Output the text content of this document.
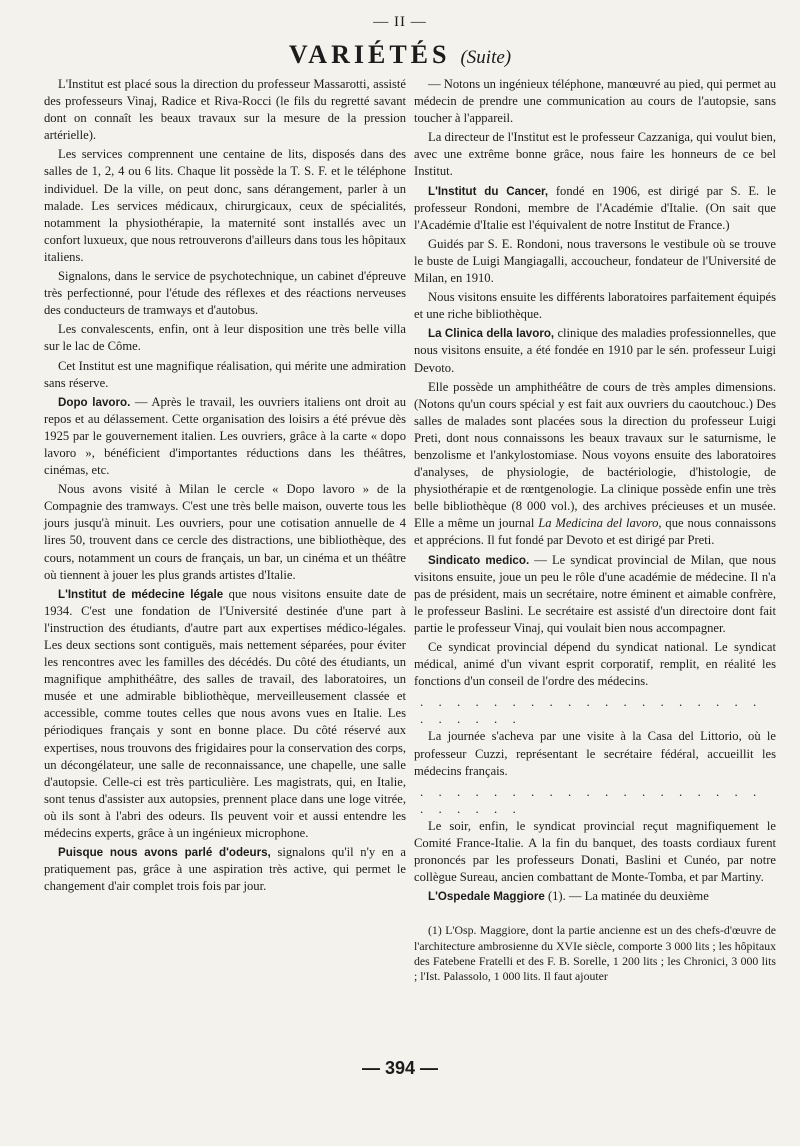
— II —
VARIÉTÉS (Suite)

L'Institut est placé sous la direction du professeur Massarotti, assisté des professeurs Vinaj, Radice et Riva-Rocci (le fils du regretté savant dont on connaît les beaux travaux sur la mesure de la pression artérielle).

Les services comprennent une centaine de lits, disposés dans des salles de 1, 2, 4 ou 6 lits. Chaque lit possède la T. S. F. et le téléphone individuel. De la ville, on peut donc, sans dérangement, parler à un malade. Les services médicaux, chirurgicaux, ceux de spécialités, notamment la physiothérapie, la maternité sont installés avec un confort luxueux, que nous retrouverons d'ailleurs dans tous les hôpitaux italiens.

Signalons, dans le service de psychotechnique, un cabinet d'épreuve très perfectionné, pour l'étude des réflexes et des réactions nerveuses des conducteurs de tramways et d'autobus.

Les convalescents, enfin, ont à leur disposition une très belle villa sur le lac de Côme.

Cet Institut est une magnifique réalisation, qui mérite une admiration sans réserve.

Dopo lavoro. — Après le travail, les ouvriers italiens ont droit au repos et au délassement. Cette organisation des loisirs a été prévue dès 1925 par le gouvernement italien. Les ouvriers, grâce à la carte « dopo lavoro », bénéficient d'importantes réductions dans les théâtres, cinémas, etc.

Nous avons visité à Milan le cercle « Dopo lavoro » de la Compagnie des tramways. C'est une très belle maison, ouverte tous les jours jusqu'à minuit. Les ouvriers, pour une cotisation annuelle de 4 lires 50, trouvent dans ce cercle des distractions, une bibliothèque, des cours, notamment un cours de français, un bar, un cinéma et un théâtre où tiennent à jouer les plus grands artistes d'Italie.

L'Institut de médecine légale que nous visitons ensuite date de 1934. C'est une fondation de l'Université destinée d'une part à l'instruction des étudiants, d'autre part aux expertises médico-légales. Les deux sections sont contiguës, mais nettement séparées, pour éviter les rencontres avec les familles des décédés. Du côté des étudiants, un magnifique amphithéâtre, des salles de travail, des laboratoires, un musée et une admirable bibliothèque, merveilleusement classée et accessible, comme toutes celles que nous avons vues en Italie. Les périodiques français y sont en bonne place. Du côté réservé aux expertises, nous trouvons des frigidaires pour la conservation des corps, un décongélateur, une salle de reconnaissance, une chapelle, une salle d'autopsie. Celle-ci est très particulière. Les magistrats, qui, en Italie, sont tenus d'assister aux autopsies, prennent place dans une loge vitrée, où ils sont à l'abri des odeurs. Ils peuvent voir et aussi entendre les médecins experts, grâce à un ingénieux microphone.

Puisque nous avons parlé d'odeurs, signalons qu'il n'y en a pratiquement pas, grâce à une aspiration très active, qui permet le changement d'air complet trois fois par jour.

— Notons un ingénieux téléphone, manœuvré au pied, qui permet au médecin de prendre une communication au cours de l'autopsie, sans toucher à l'appareil.

La directeur de l'Institut est le professeur Cazzaniga, qui voulut bien, avec une extrême bonne grâce, nous faire les honneurs de ce bel Institut.

L'Institut du Cancer, fondé en 1906, est dirigé par S. E. le professeur Rondoni, membre de l'Académie d'Italie. (On sait que l'Académie d'Italie est l'équivalent de notre Institut de France.)

Guidés par S. E. Rondoni, nous traversons le vestibule où se trouve le buste de Luigi Mangiagalli, accoucheur, fondateur de l'Université de Milan, en 1910.

Nous visitons ensuite les différents laboratoires parfaitement équipés et une riche bibliothèque.

La Clinica della lavoro, clinique des maladies professionnelles, que nous visitons ensuite, a été fondée en 1910 par le sén. professeur Luigi Devoto.

Elle possède un amphithéâtre de cours de très amples dimensions. (Notons qu'un cours spécial y est fait aux ouvriers du caoutchouc.) Des salles de malades sont placées sous la direction du professeur Luigi Preti, dont nous connaissons les beaux travaux sur le saturnisme, le benzolisme et l'ankylostomiase. Nous voyons ensuite des laboratoires d'analyses, de physiologie, de bactériologie, d'histologie, de physiothérapie et de rœntgenologie. La clinique possède enfin une très belle bibliothèque (8 000 vol.), des archives précieuses et un musée. Elle a même un journal La Medicina del lavoro, que nous connaissons et apprécions. Il fut fondé par Devoto et est dirigé par Preti.

Sindicato medico. — Le syndicat provincial de Milan, que nous visitons ensuite, joue un peu le rôle d'une académie de médecine. Il n'a pas de président, mais un secrétaire, notre éminent et aimable confrère, le professeur Baslini. Le secrétaire est assisté d'un directoire dont fait partie le professeur Vinaj, qui voulait bien nous accompagner.

Ce syndicat provincial dépend du syndicat national. Le syndicat médical, animé d'un vivant esprit corporatif, remplit, en réalité les fonctions d'un conseil de l'ordre des médecins.

. . . . . . . . . . . . . . . . . . . . . . . . .

La journée s'acheva par une visite à la Casa del Littorio, où le professeur Cuzzi, représentant le secrétaire fédéral, accueillit les médecins français.

. . . . . . . . . . . . . . . . . . . . . . . . .

Le soir, enfin, le syndicat provincial reçut magnifiquement le Comité France-Italie. A la fin du banquet, des toasts cordiaux furent prononcés par les professeurs Donati, Baslini et Cunéo, par notre collègue Sureau, ancien combattant de Monte-Tomba, et par Martiny.

L'Ospedale Maggiore (1). — La matinée du deuxième

(1) L'Osp. Maggiore, dont la partie ancienne est un des chefs-d'œuvre de l'architecture ambrosienne du XVIe siècle, comporte 3 000 lits ; les hôpitaux des Fatebene Fratelli et des F. B. Sorelle, 1 200 lits ; les Chronici, 3 000 lits ; l'Ist. Palassolo, 1 000 lits. Il faut ajouter

— 394 —
